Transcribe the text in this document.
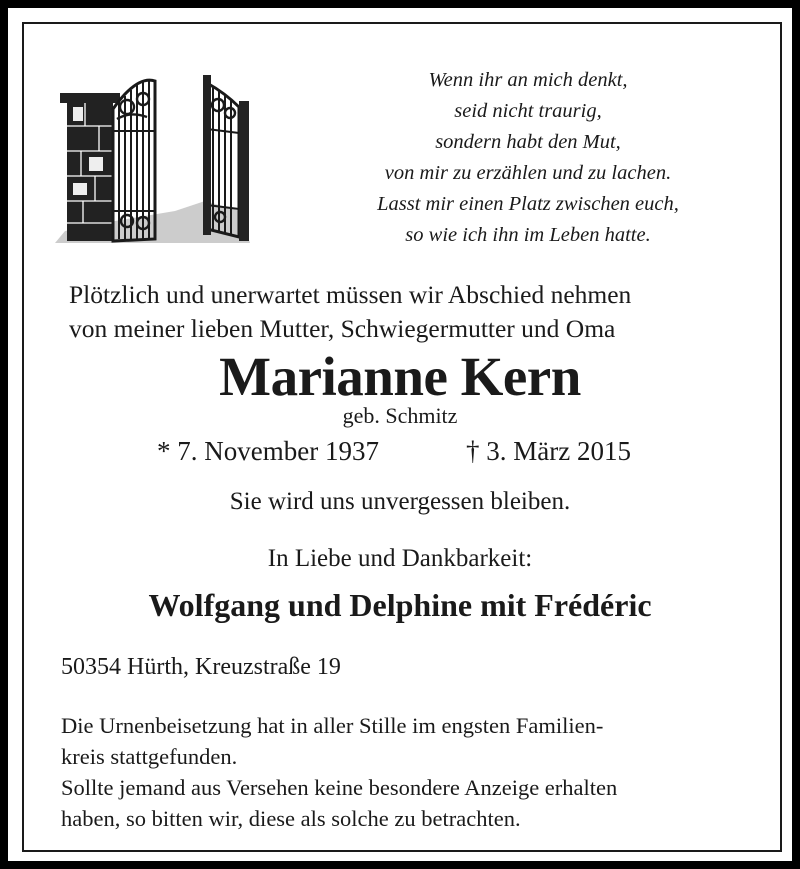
Wenn ihr an mich denkt,
seid nicht traurig,
sondern habt den Mut,
von mir zu erzählen und zu lachen.
Lasst mir einen Platz zwischen euch,
so wie ich ihn im Leben hatte.
Plötzlich und unerwartet müssen wir Abschied nehmen
von meiner lieben Mutter, Schwiegermutter und Oma
Marianne Kern
geb. Schmitz
* 7. November 1937	† 3. März 2015
Sie wird uns unvergessen bleiben.
In Liebe und Dankbarkeit:
Wolfgang und Delphine mit Frédéric
50354 Hürth, Kreuzstraße 19
Die Urnenbeisetzung hat in aller Stille im engsten Familien-
kreis stattgefunden.
Sollte jemand aus Versehen keine besondere Anzeige erhalten
haben, so bitten wir, diese als solche zu betrachten.
